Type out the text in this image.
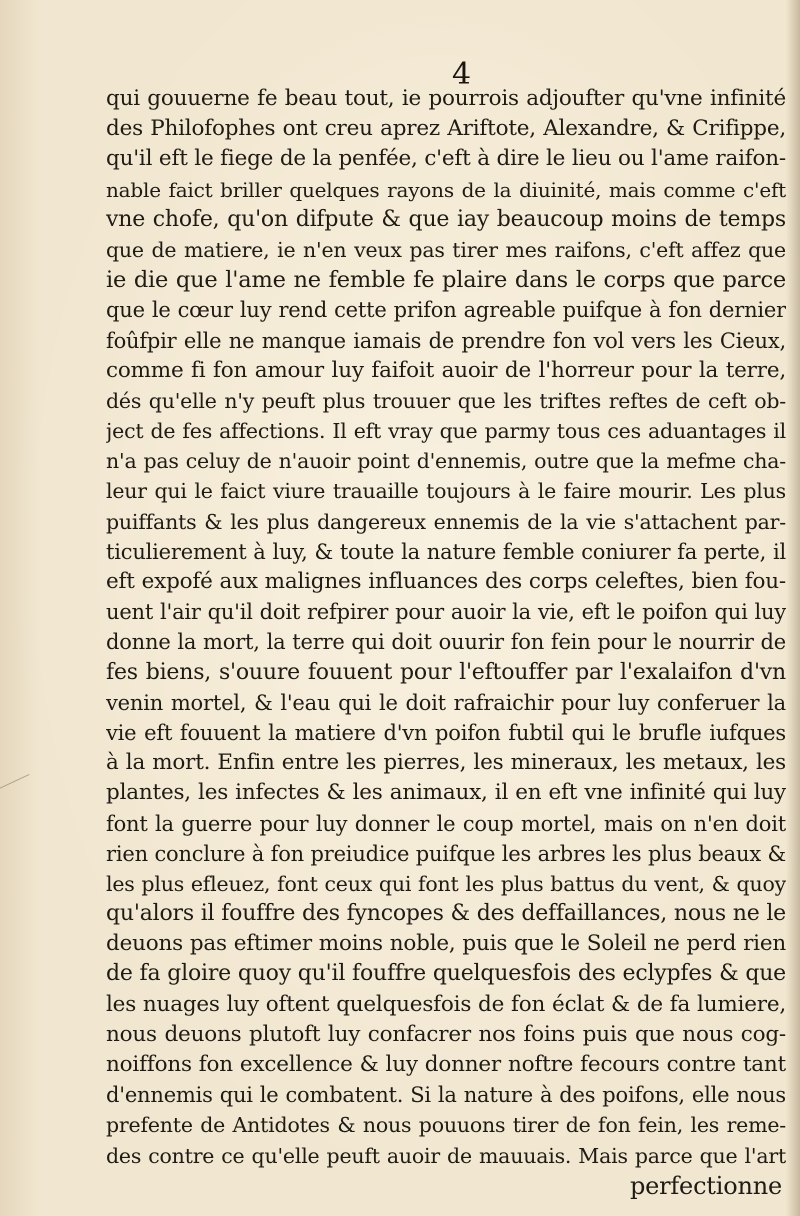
4
qui gouuerne fe beau tout, ie pourrois adjoufter qu'vne infinité
des Philofophes ont creu aprez Ariftote, Alexandre, & Crifippe,
qu'il eft le fiege de la penfée, c'eft à dire le lieu ou l'ame raifon-
nable faict briller quelques rayons de la diuinité, mais comme c'eft
vne chofe, qu'on difpute & que iay beaucoup moins de temps
que de matiere, ie n'en veux pas tirer mes raifons, c'eft affez que
ie die que l'ame ne femble fe plaire dans le corps que parce
que le cœur luy rend cette prifon agreable puifque à fon dernier
foûfpir elle ne manque iamais de prendre fon vol vers les Cieux,
comme fi fon amour luy faifoit auoir de l'horreur pour la terre,
dés qu'elle n'y peuft plus trouuer que les triftes reftes de ceft ob-
ject de fes affections. Il eft vray que parmy tous ces aduantages il
n'a pas celuy de n'auoir point d'ennemis, outre que la mefme cha-
leur qui le faict viure trauaille toujours à le faire mourir. Les plus
puiffants & les plus dangereux ennemis de la vie s'attachent par-
ticulierement à luy, & toute la nature femble coniurer fa perte, il
eft expofé aux malignes influances des corps celeftes, bien fou-
uent l'air qu'il doit refpirer pour auoir la vie, eft le poifon qui luy
donne la mort, la terre qui doit ouurir fon fein pour le nourrir de
fes biens, s'ouure fouuent pour l'eftouffer par l'exalaifon d'vn
venin mortel, & l'eau qui le doit rafraichir pour luy conferuer la
vie eft fouuent la matiere d'vn poifon fubtil qui le brufle iufques
à la mort. Enfin entre les pierres, les mineraux, les metaux, les
plantes, les infectes & les animaux, il en eft vne infinité qui luy
font la guerre pour luy donner le coup mortel, mais on n'en doit
rien conclure à fon preiudice puifque les arbres les plus beaux &
les plus efleuez, font ceux qui font les plus battus du vent, & quoy
qu'alors il fouffre des fyncopes & des deffaillances, nous ne le
deuons pas eftimer moins noble, puis que le Soleil ne perd rien
de fa gloire quoy qu'il fouffre quelquesfois des eclypfes & que
les nuages luy oftent quelquesfois de fon éclat & de fa lumiere,
nous deuons plutoft luy confacrer nos foins puis que nous cog-
noiffons fon excellence & luy donner noftre fecours contre tant
d'ennemis qui le combatent. Si la nature à des poifons, elle nous
prefente de Antidotes & nous pouuons tirer de fon fein, les reme-
des contre ce qu'elle peuft auoir de mauuais. Mais parce que l'art
perfectionne
